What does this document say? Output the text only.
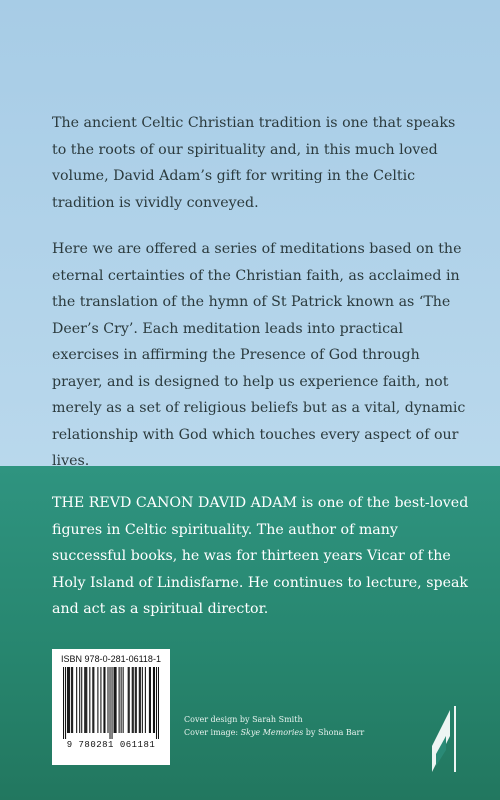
The ancient Celtic Christian tradition is one that speaks to the roots of our spirituality and, in this much loved volume, David Adam’s gift for writing in the Celtic tradition is vividly conveyed.

Here we are offered a series of meditations based on the eternal certainties of the Christian faith, as acclaimed in the translation of the hymn of St Patrick known as ‘The Deer’s Cry’. Each meditation leads into practical exercises in affirming the Presence of God through prayer, and is designed to help us experience faith, not merely as a set of religious beliefs but as a vital, dynamic relationship with God which touches every aspect of our lives.

THE REVD CANON DAVID ADAM is one of the best-loved figures in Celtic spirituality. The author of many successful books, he was for thirteen years Vicar of the Holy Island of Lindisfarne. He continues to lecture, speak and act as a spiritual director.

ISBN 978-0-281-06118-1
9 780281 061181
Cover design by Sarah Smith
Cover image: Skye Memories by Shona Barr
